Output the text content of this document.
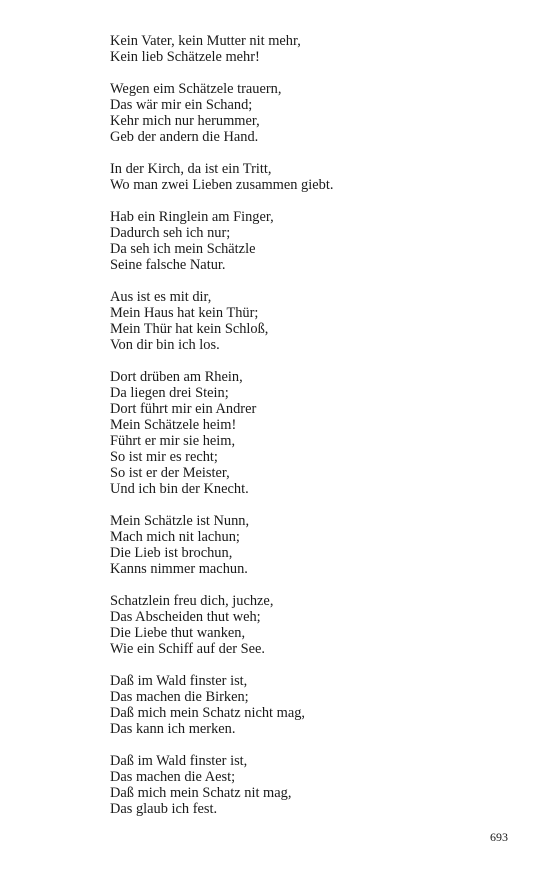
Kein Vater, kein Mutter nit mehr,
Kein lieb Schätzele mehr!
Wegen eim Schätzele trauern,
Das wär mir ein Schand;
Kehr mich nur herummer,
Geb der andern die Hand.
In der Kirch, da ist ein Tritt,
Wo man zwei Lieben zusammen giebt.
Hab ein Ringlein am Finger,
Dadurch seh ich nur;
Da seh ich mein Schätzle
Seine falsche Natur.
Aus ist es mit dir,
Mein Haus hat kein Thür;
Mein Thür hat kein Schloß,
Von dir bin ich los.
Dort drüben am Rhein,
Da liegen drei Stein;
Dort führt mir ein Andrer
Mein Schätzele heim!
Führt er mir sie heim,
So ist mir es recht;
So ist er der Meister,
Und ich bin der Knecht.
Mein Schätzle ist Nunn,
Mach mich nit lachun;
Die Lieb ist brochun,
Kanns nimmer machun.
Schatzlein freu dich, juchze,
Das Abscheiden thut weh;
Die Liebe thut wanken,
Wie ein Schiff auf der See.
Daß im Wald finster ist,
Das machen die Birken;
Daß mich mein Schatz nicht mag,
Das kann ich merken.
Daß im Wald finster ist,
Das machen die Aest;
Daß mich mein Schatz nit mag,
Das glaub ich fest.
693
